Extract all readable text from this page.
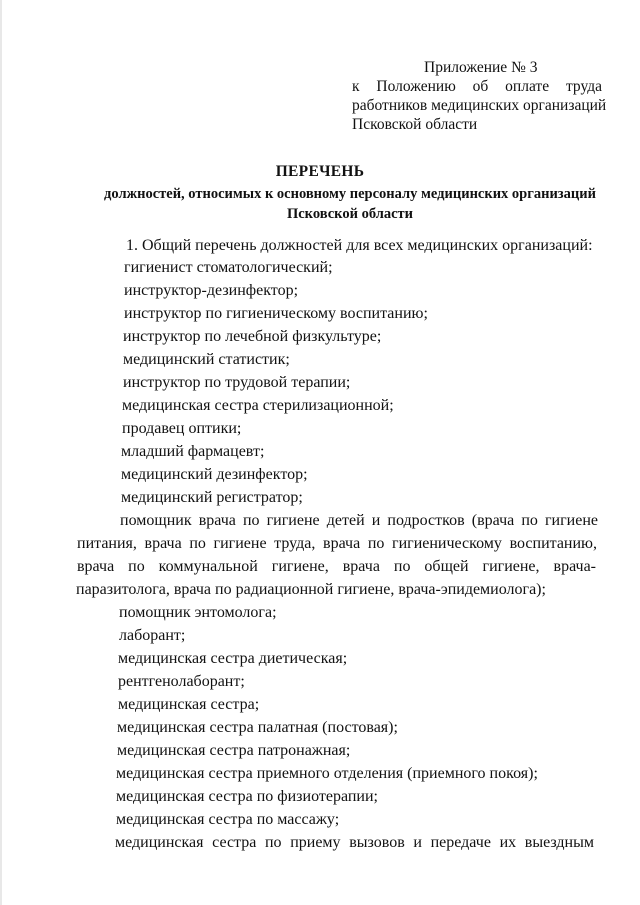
Приложение № 3
к Положению об оплате труда
работников медицинских организаций
Псковской области
ПЕРЕЧЕНЬ
должностей, относимых к основному персоналу медицинских организаций
Псковской области
1. Общий перечень должностей для всех медицинских организаций:
гигиенист стоматологический;
инструктор-дезинфектор;
инструктор по гигиеническому воспитанию;
инструктор по лечебной физкультуре;
медицинский статистик;
инструктор по трудовой терапии;
медицинская сестра стерилизационной;
продавец оптики;
младший фармацевт;
медицинский дезинфектор;
медицинский регистратор;
помощник врача по гигиене детей и подростков (врача по гигиене
питания, врача по гигиене труда, врача по гигиеническому воспитанию,
врача по коммунальной гигиене, врача по общей гигиене, врача-
паразитолога, врача по радиационной гигиене, врача-эпидемиолога);
помощник энтомолога;
лаборант;
медицинская сестра диетическая;
рентгенолаборант;
медицинская сестра;
медицинская сестра палатная (постовая);
медицинская сестра патронажная;
медицинская сестра приемного отделения (приемного покоя);
медицинская сестра по физиотерапии;
медицинская сестра по массажу;
медицинская сестра по приему вызовов и передаче их выездным
